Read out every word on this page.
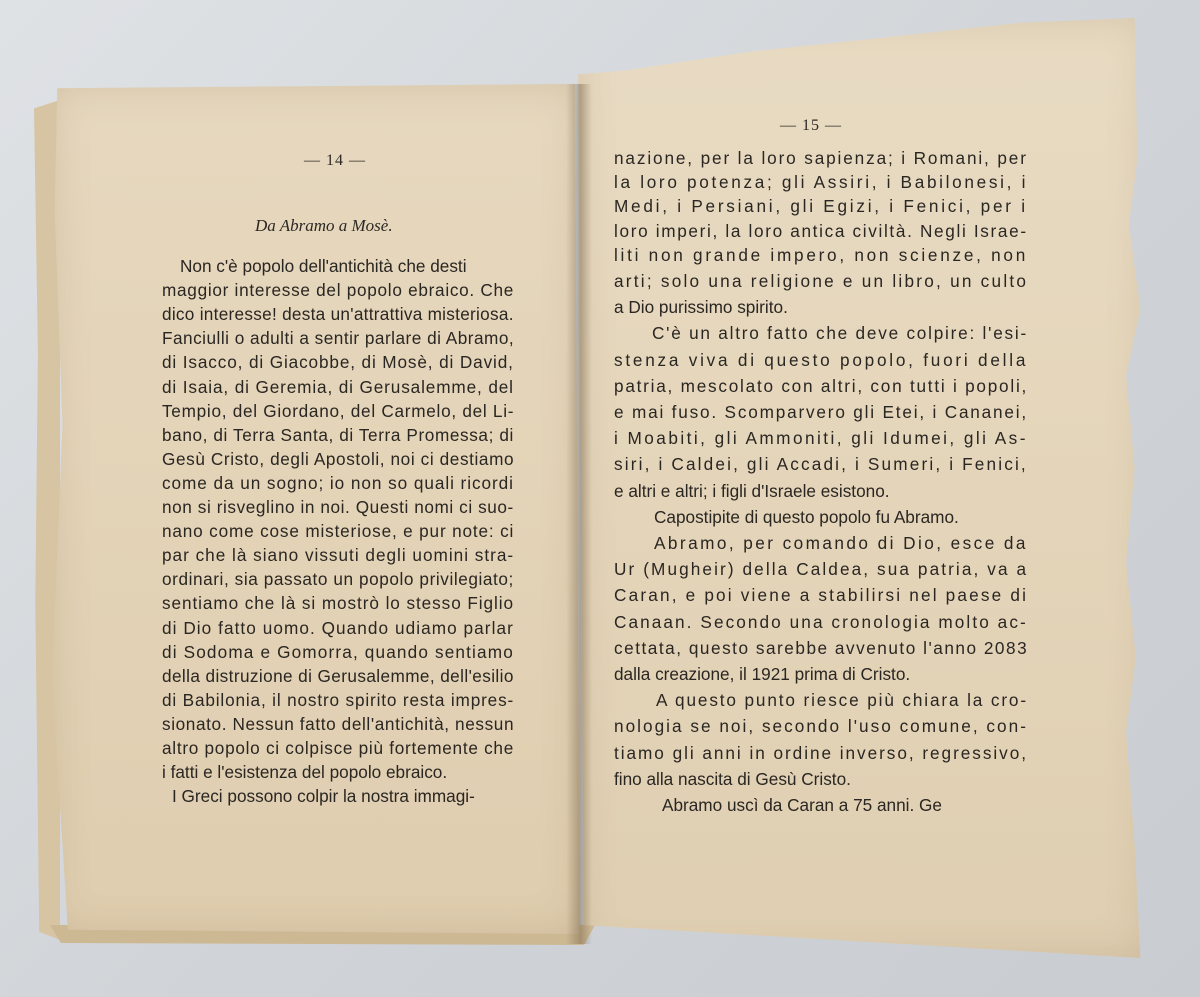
— 14 —
Da Abramo a Mosè.
Non c'è popolo dell'antichità che desti
maggior interesse del popolo ebraico. Che
dico interesse! desta un'attrattiva misteriosa.
Fanciulli o adulti a sentir parlare di Abramo,
di Isacco, di Giacobbe, di Mosè, di David,
di Isaia, di Geremia, di Gerusalemme, del
Tempio, del Giordano, del Carmelo, del Li-
bano, di Terra Santa, di Terra Promessa; di
Gesù Cristo, degli Apostoli, noi ci destiamo
come da un sogno; io non so quali ricordi
non si risveglino in noi. Questi nomi ci suo-
nano come cose misteriose, e pur note: ci
par che là siano vissuti degli uomini stra-
ordinari, sia passato un popolo privilegiato;
sentiamo che là si mostrò lo stesso Figlio
di Dio fatto uomo. Quando udiamo parlar
di Sodoma e Gomorra, quando sentiamo
della distruzione di Gerusalemme, dell'esilio
di Babilonia, il nostro spirito resta impres-
sionato. Nessun fatto dell'antichità, nessun
altro popolo ci colpisce più fortemente che
i fatti e l'esistenza del popolo ebraico.
I Greci possono colpir la nostra immagi-
— 15 —
nazione, per la loro sapienza; i Romani, per
la loro potenza; gli Assiri, i Babilonesi, i
Medi, i Persiani, gli Egizi, i Fenici, per i
loro imperi, la loro antica civiltà. Negli Israe-
liti non grande impero, non scienze, non
arti; solo una religione e un libro, un culto
a Dio purissimo spirito.
C'è un altro fatto che deve colpire: l'esi-
stenza viva di questo popolo, fuori della
patria, mescolato con altri, con tutti i popoli,
e mai fuso. Scomparvero gli Etei, i Cananei,
i Moabiti, gli Ammoniti, gli Idumei, gli As-
siri, i Caldei, gli Accadi, i Sumeri, i Fenici,
e altri e altri; i figli d'Israele esistono.
Capostipite di questo popolo fu Abramo.
Abramo, per comando di Dio, esce da
Ur (Mugheir) della Caldea, sua patria, va a
Caran, e poi viene a stabilirsi nel paese di
Canaan. Secondo una cronologia molto ac-
cettata, questo sarebbe avvenuto l'anno 2083
dalla creazione, il 1921 prima di Cristo.
A questo punto riesce più chiara la cro-
nologia se noi, secondo l'uso comune, con-
tiamo gli anni in ordine inverso, regressivo,
fino alla nascita di Gesù Cristo.
Abramo uscì da Caran a 75 anni. Ge
